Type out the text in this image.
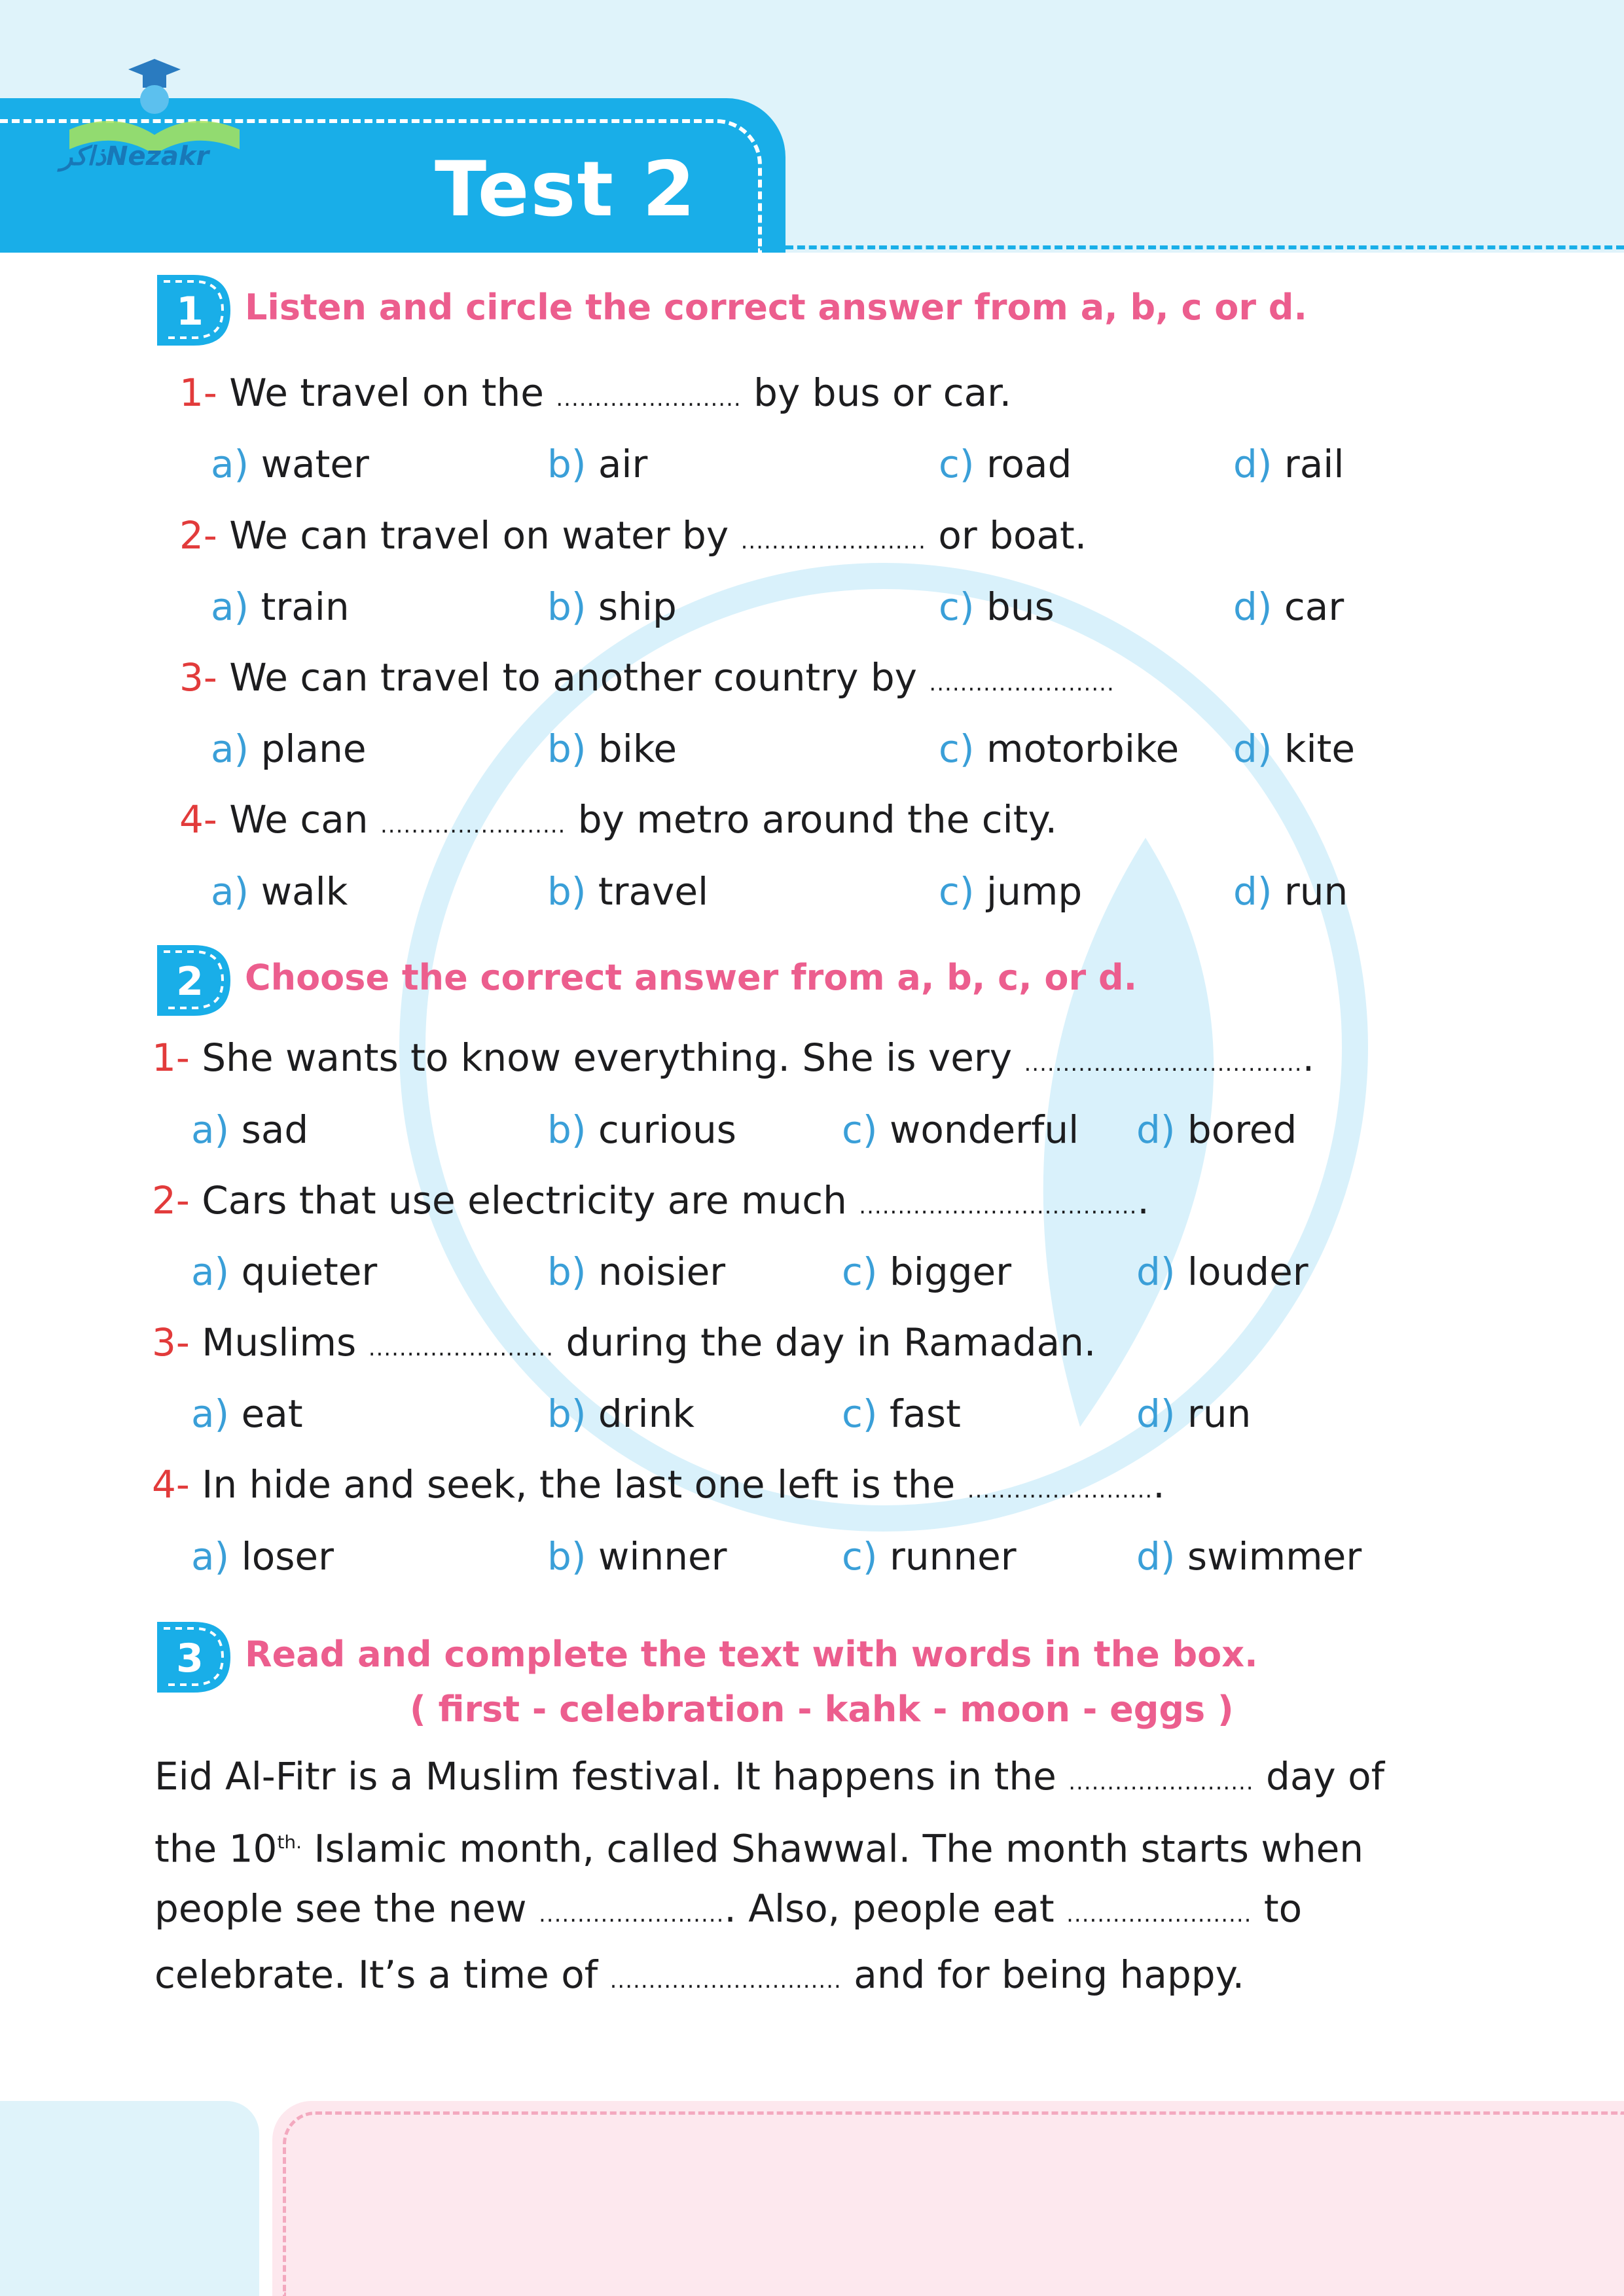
Test 2
ذاكرNezakr
1 Listen and circle the correct answer from a, b, c or d.
1- We travel on the ........................ by bus or car.
a) water	b) air	c) road	d) rail
2- We can travel on water by ........................ or boat.
a) train	b) ship	c) bus	d) car
3- We can travel to another country by ........................
a) plane	b) bike	c) motorbike d) kite
4- We can ........................ by metro around the city.
a) walk	b) travel	c) jump	d) run
2 Choose the correct answer from a, b, c, or d.
1- She wants to know everything. She is very .....................................
a) sad	b) curious	c) wonderful d) bored
2- Cars that use electricity are much .....................................
a) quieter	b) noisier	c) bigger	d) louder
3- Muslims ........................ during the day in Ramadan.
a) eat	b) drink	c) fast	d) run
4- In hide and seek, the last one left is the .........................
a) loser	b) winner	c) runner	d) swimmer
3 Read and complete the text with words in the box.
( first - celebration - kahk - moon - eggs )
Eid Al-Fitr is a Muslim festival. It happens in the ........................ day of
the $10^{th.}$ Islamic month, called Shawwal. The month starts when
people see the new ......................... Also, people eat ........................ to
celebrate. It’s a time of .............................. and for being happy.
